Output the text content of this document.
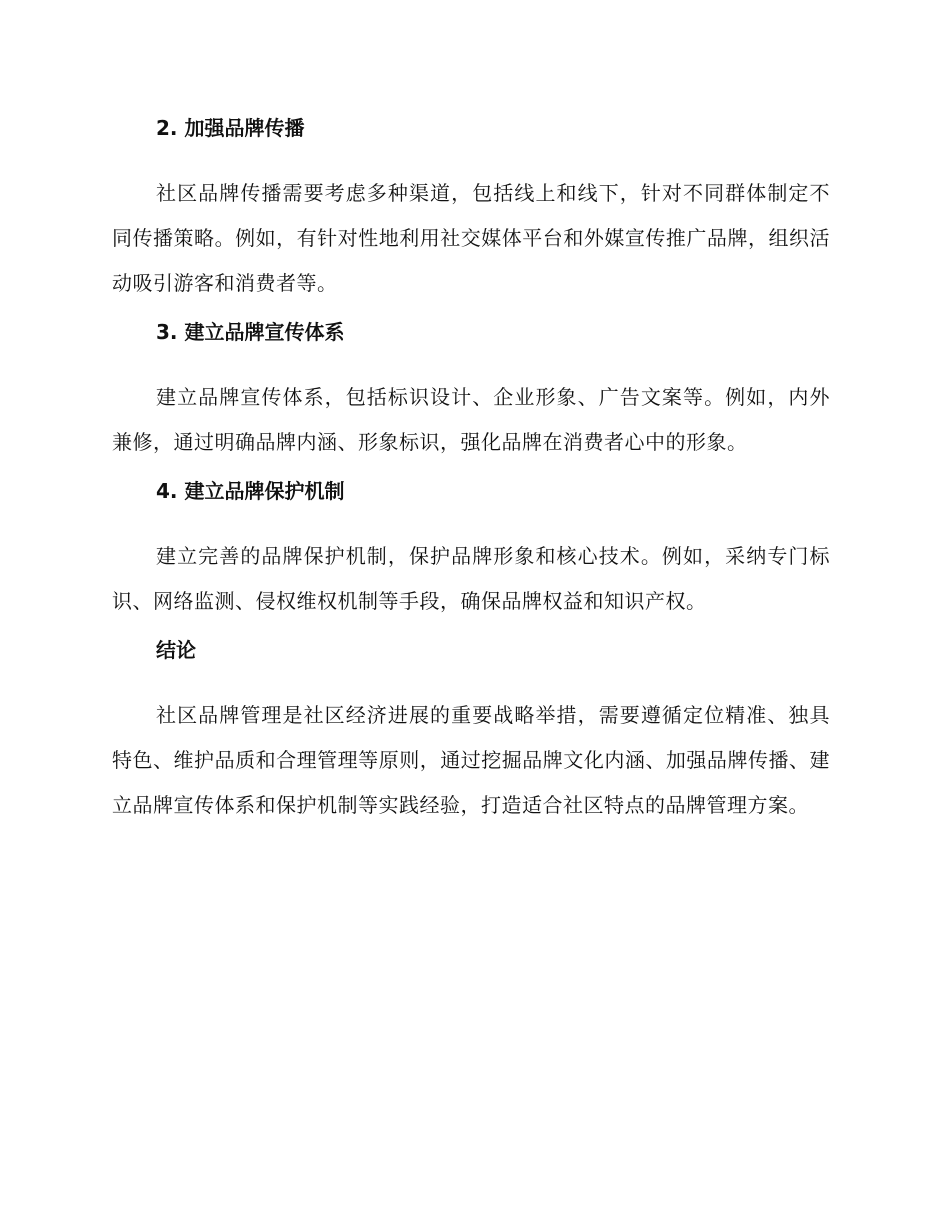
2. 加强品牌传播

社区品牌传播需要考虑多种渠道，包括线上和线下，针对不同群体制定不同传播策略。例如，有针对性地利用社交媒体平台和外媒宣传推广品牌，组织活动吸引游客和消费者等。

3. 建立品牌宣传体系

建立品牌宣传体系，包括标识设计、企业形象、广告文案等。例如，内外兼修，通过明确品牌内涵、形象标识，强化品牌在消费者心中的形象。

4. 建立品牌保护机制

建立完善的品牌保护机制，保护品牌形象和核心技术。例如，采纳专门标识、网络监测、侵权维权机制等手段，确保品牌权益和知识产权。

结论

社区品牌管理是社区经济进展的重要战略举措，需要遵循定位精准、独具特色、维护品质和合理管理等原则，通过挖掘品牌文化内涵、加强品牌传播、建立品牌宣传体系和保护机制等实践经验，打造适合社区特点的品牌管理方案。
